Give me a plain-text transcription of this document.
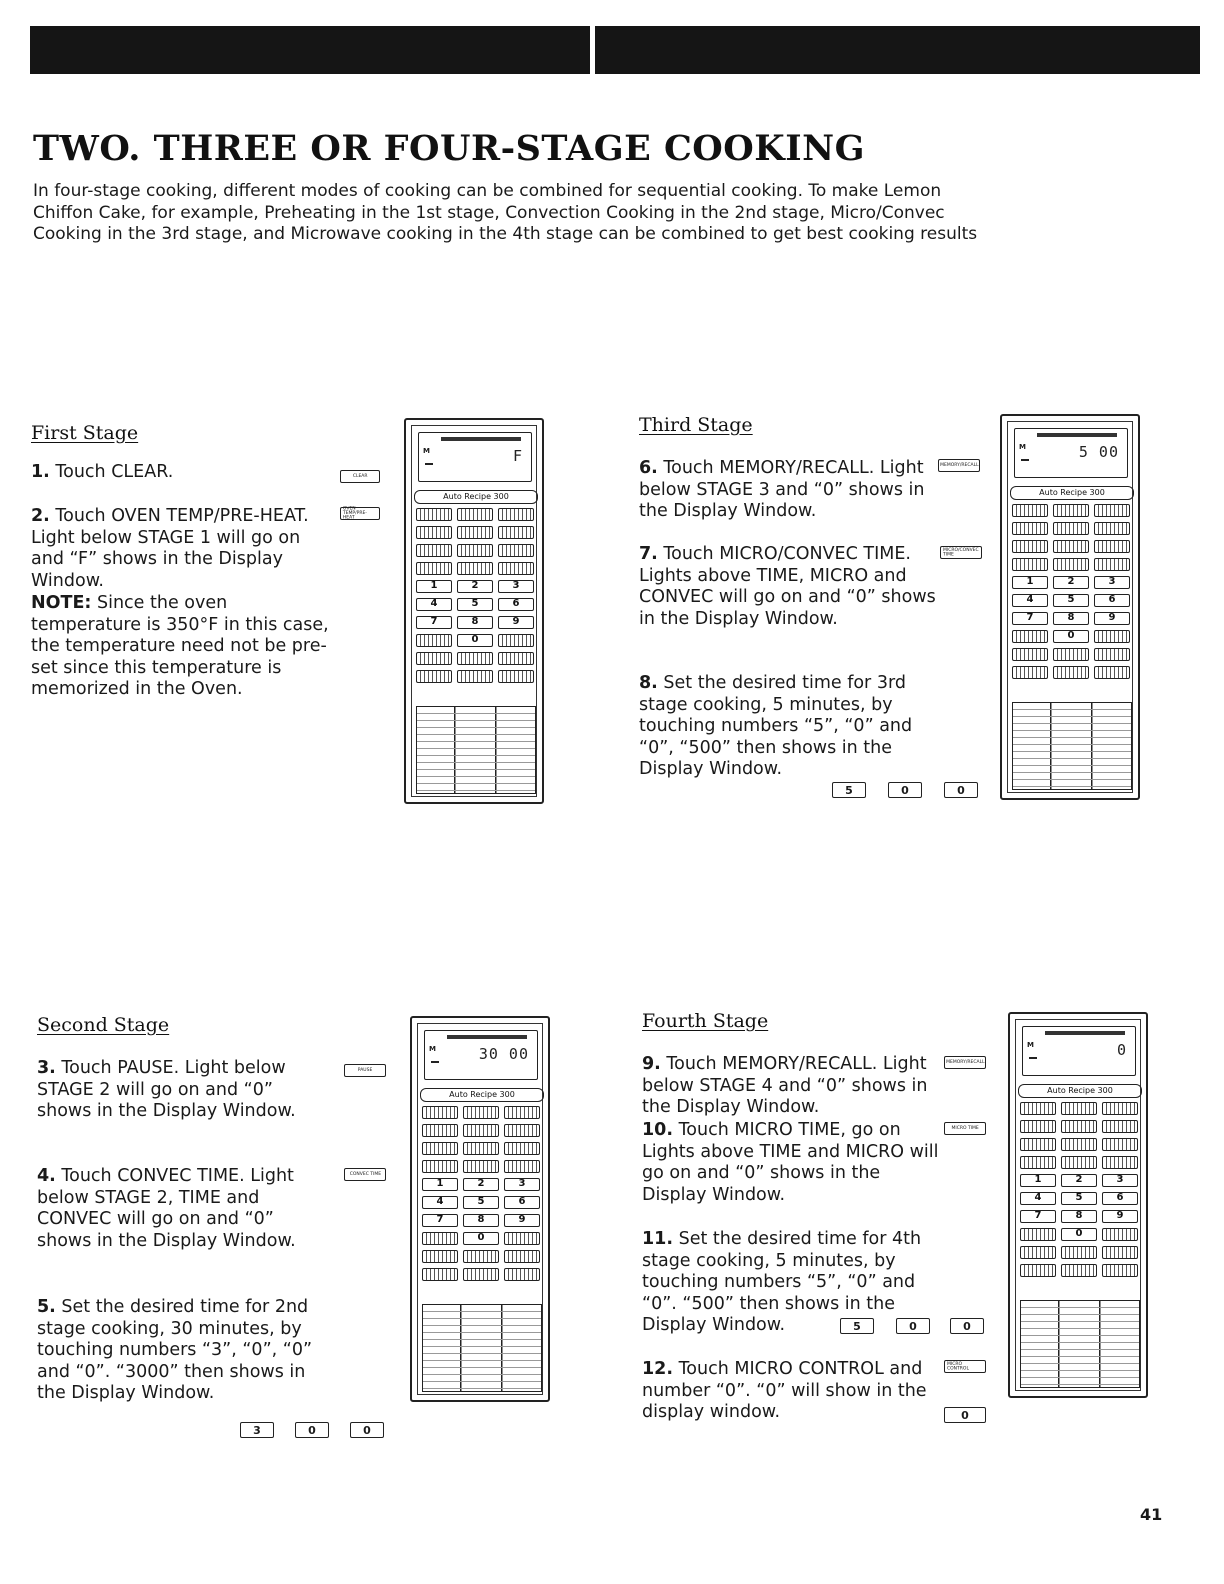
TWO. THREE OR FOUR-STAGE COOKING

In four-stage cooking, different modes of cooking can be combined for sequential cooking. To make Lemon Chiffon Cake, for example, Preheating in the 1st stage, Convection Cooking in the 2nd stage, Micro/Convec Cooking in the 3rd stage, and Microwave cooking in the 4th stage can be combined to get best cooking results

First Stage

1. Touch CLEAR.	CLEAR

2. Touch OVEN TEMP/PRE-HEAT. Light below STAGE 1 will go on and “F” shows in the Display Window.

OVEN TEMP/PRE-HEAT

NOTE: Since the oven temperature is 350°F in this case, the temperature need not be pre-set since this temperature is memorized in the Oven.

M	F
Auto Recipe 300
1	2	3
4	5	6
7	8	9
0
Third Stage

6. Touch MEMORY/RECALL. Light below STAGE 3 and “0” shows in the Display Window.

MEMORY/RECALL

7. Touch MICRO/CONVEC TIME. Lights above TIME, MICRO and CONVEC will go on and “0” shows in the Display Window.

MICRO/CONVEC TIME

8. Set the desired time for 3rd stage cooking, 5 minutes, by touching numbers “5”, “0” and “0”, “500” then shows in the Display Window.

5	0	0
M	5 00
Auto Recipe 300
1	2	3
4	5	6
7	8	9
0
Second Stage

3. Touch PAUSE. Light below STAGE 2 will go on and “0” shows in the Display Window.

PAUSE

4. Touch CONVEC TIME. Light below STAGE 2, TIME and CONVEC will go on and “0” shows in the Display Window.

CONVEC TIME

5. Set the desired time for 2nd stage cooking, 30 minutes, by touching numbers “3”, “0”, “0” and “0”. “3000” then shows in the Display Window.

3	0	0
M	30 00
Auto Recipe 300
1	2	3
4	5	6
7	8	9
0
Fourth Stage

9. Touch MEMORY/RECALL. Light below STAGE 4 and “0” shows in the Display Window.

MEMORY/RECALL

10. Touch MICRO TIME, go on Lights above TIME and MICRO will go on and “0” shows in the Display Window.

MICRO TIME

11. Set the desired time for 4th stage cooking, 5 minutes, by touching numbers “5”, “0” and “0”. “500” then shows in the Display Window.	5	0	0

12. Touch MICRO CONTROL and number “0”. “0” will show in the display window.

MICRO CONTROL
0
M	0
Auto Recipe 300
1	2	3
4	5	6
7	8	9
0

41
